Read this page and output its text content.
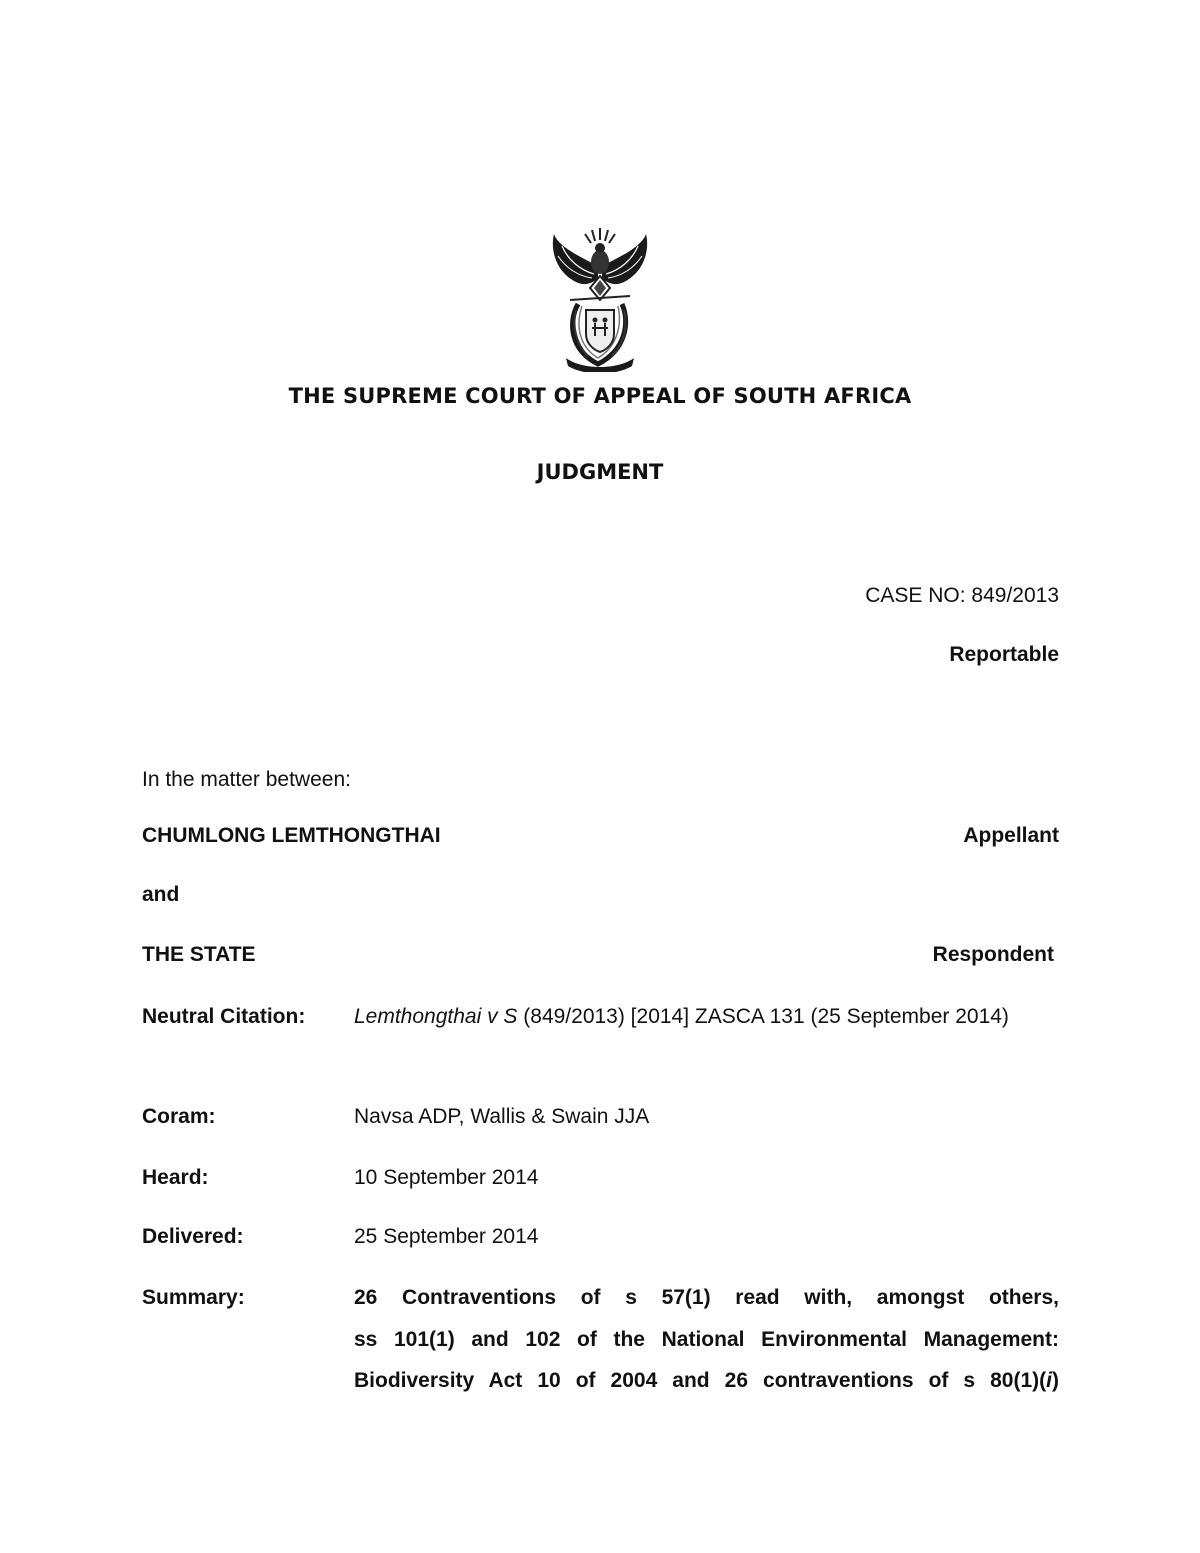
THE SUPREME COURT OF APPEAL OF SOUTH AFRICA
JUDGMENT
CASE NO: 849/2013
Reportable
In the matter between:
CHUMLONG LEMTHONGTHAI	Appellant
and
THE STATE	Respondent
Neutral Citation: Lemthongthai v S (849/2013) [2014] ZASCA 131 (25 September 2014)
Coram:	Navsa ADP, Wallis & Swain JJA
Heard:	10 September 2014
Delivered:	25 September 2014
Summary:	26 Contraventions of s 57(1) read with, amongst others,
ss 101(1) and 102 of the National Environmental Management:
Biodiversity Act 10 of 2004 and 26 contraventions of s 80(1)(i)
